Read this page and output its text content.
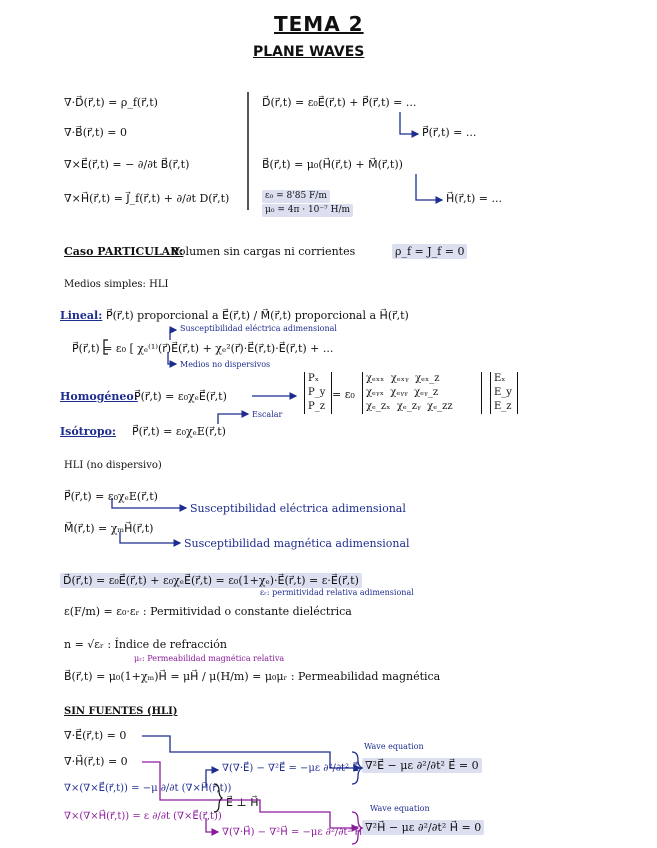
TEMA 2
PLANE WAVES
∇·D⃗(r⃗,t) = ρ_f(r⃗,t)
∇·B⃗(r⃗,t) = 0
∇×E⃗(r⃗,t) = − ∂/∂t B⃗(r⃗,t)
∇×H⃗(r⃗,t) = J⃗_f(r⃗,t) + ∂/∂t D(r⃗,t)
D⃗(r⃗,t) = ε₀E⃗(r⃗,t) + P⃗(r⃗,t) = ...
P⃗(r⃗,t) = ...
B⃗(r⃗,t) = μ₀(H⃗(r⃗,t) + M⃗(r⃗,t))
H⃗(r⃗,t) = ...
ε₀ = 8'85 F/m
μ₀ = 4π · 10⁻⁷ H/m
Caso PARTICULAR:
Volumen sin cargas ni corrientes	ρ_f = J_f = 0
Medios simples: HLI
Lineal: P⃗(r⃗,t) proporcional a E⃗(r⃗,t) / M⃗(r⃗,t) proporcional a H⃗(r⃗,t)
Susceptibilidad eléctrica adimensional
P⃗(r⃗,t) = ε₀ [ χₑ⁽¹⁾(r⃗)E⃗(r⃗,t) + χₑ²(r⃗)·E⃗(r⃗,t)·E⃗(r⃗,t) + ...
Medios no dispersivos
Homogéneo:
P⃗(r⃗,t) = ε₀χₑE⃗(r⃗,t)
Pₓ
P_y
P_z
= ε₀
χₑₓₓ χₑₓᵧ χₑₓ_z
χₑᵧₓ χₑᵧᵧ χₑᵧ_z
χₑ_zₓ χₑ_zᵧ χₑ_zz
Eₓ
E_y
E_z
Escalar
Isótropo: P⃗(r⃗,t) = ε₀χₑE(r⃗,t)
HLI (no dispersivo)
P⃗(r⃗,t) = ε₀χₑE(r⃗,t)
Susceptibilidad eléctrica adimensional
M⃗(r⃗,t) = χₘH⃗(r⃗,t)
Susceptibilidad magnética adimensional
D⃗(r⃗,t) = ε₀E⃗(r⃗,t) + ε₀χₑE⃗(r⃗,t) = ε₀(1+χₑ)·E⃗(r⃗,t) = ε·E⃗(r⃗,t)
εᵣ: permitividad relativa adimensional
ε(F/m) = ε₀·εᵣ : Permitividad o constante dieléctrica
n = √εᵣ : Índice de refracción
μᵣ: Permeabilidad magnética relativa
B⃗(r⃗,t) = μ₀(1+χₘ)H⃗ = μH⃗ / μ(H/m) = μ₀μᵣ : Permeabilidad magnética
SIN FUENTES (HLI)
∇·E⃗(r⃗,t) = 0
∇·H⃗(r⃗,t) = 0
∇×(∇×E⃗(r⃗,t)) = −μ ∂/∂t (∇×H⃗(r⃗,t))
∇×(∇×H⃗(r⃗,t)) = ε ∂/∂t (∇×E⃗(r⃗,t))
E⃗ ⊥ H⃗
∇(∇·E⃗) − ∇²E⃗ = −με ∂²/∂t² E⃗
∇(∇·H⃗) − ∇²H⃗ = −με ∂²/∂t² H⃗
Wave equation
∇²E⃗ − με ∂²/∂t² E⃗ = 0
Wave equation
∇²H⃗ − με ∂²/∂t² H⃗ = 0
